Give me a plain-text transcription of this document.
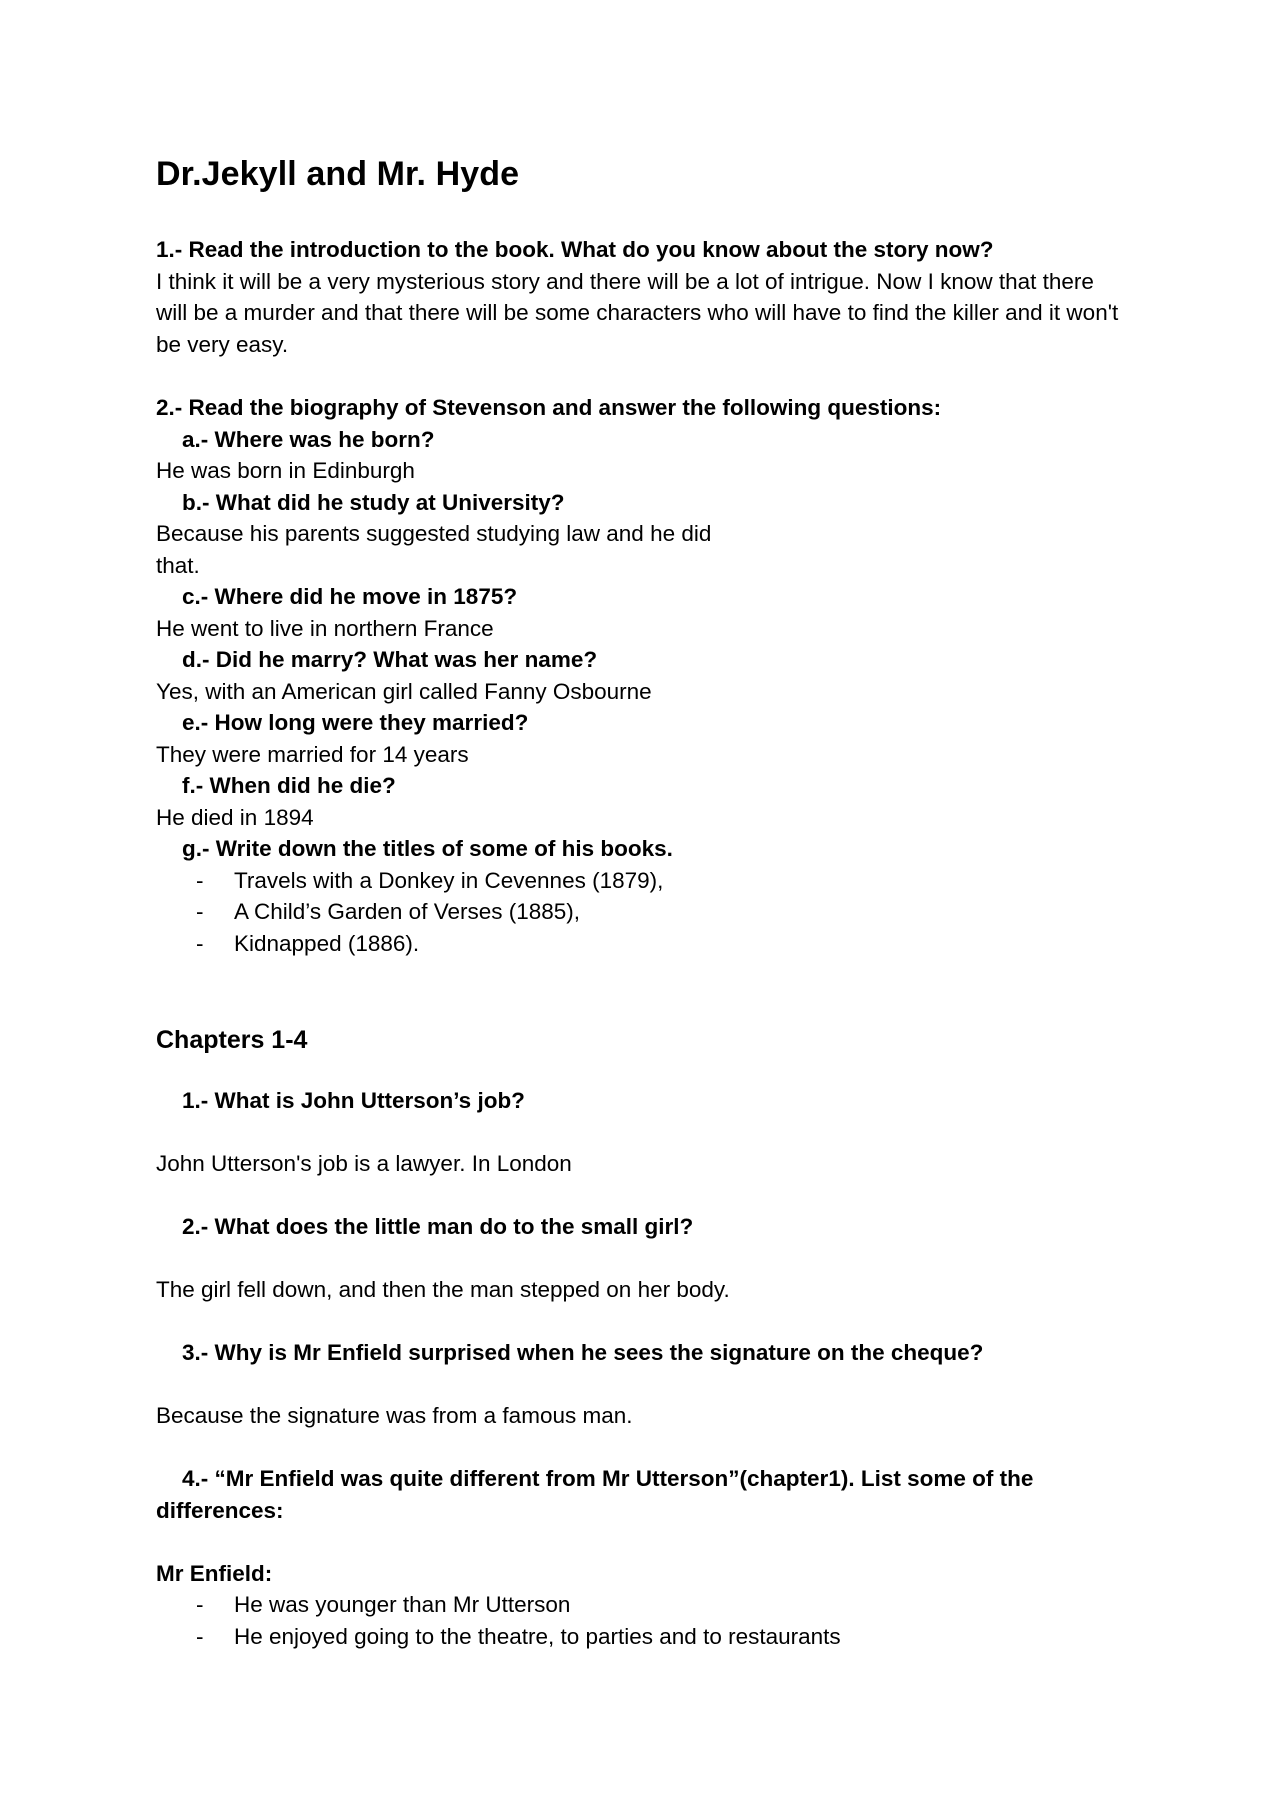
Dr.Jekyll and Mr. Hyde

1.- Read the introduction to the book. What do you know about the story now?

I think it will be a very mysterious story and there will be a lot of intrigue. Now I know that there will be a murder and that there will be some characters who will have to find the killer and it won't be very easy.

2.- Read the biography of Stevenson and answer the following questions:

a.- Where was he born?

He was born in Edinburgh

b.- What did he study at University?

Because his parents suggested studying law and he did that.

c.- Where did he move in 1875?

He went to live in northern France

d.- Did he marry? What was her name?

Yes, with an American girl called Fanny Osbourne

e.- How long were they married?

They were married for 14 years

f.- When did he die?

He died in 1894

g.- Write down the titles of some of his books.

- Travels with a Donkey in Cevennes (1879),
- A Child’s Garden of Verses (1885),
- Kidnapped (1886).
Chapters 1-4

1.- What is John Utterson’s job?

John Utterson's job is a lawyer. In London

2.- What does the little man do to the small girl?

The girl fell down, and then the man stepped on her body.

3.- Why is Mr Enfield surprised when he sees the signature on the cheque?

Because the signature was from a famous man.

4.- “Mr Enfield was quite different from Mr Utterson”(chapter1). List some of the differences:

Mr Enfield:

- He was younger than Mr Utterson
- He enjoyed going to the theatre, to parties and to restaurants
